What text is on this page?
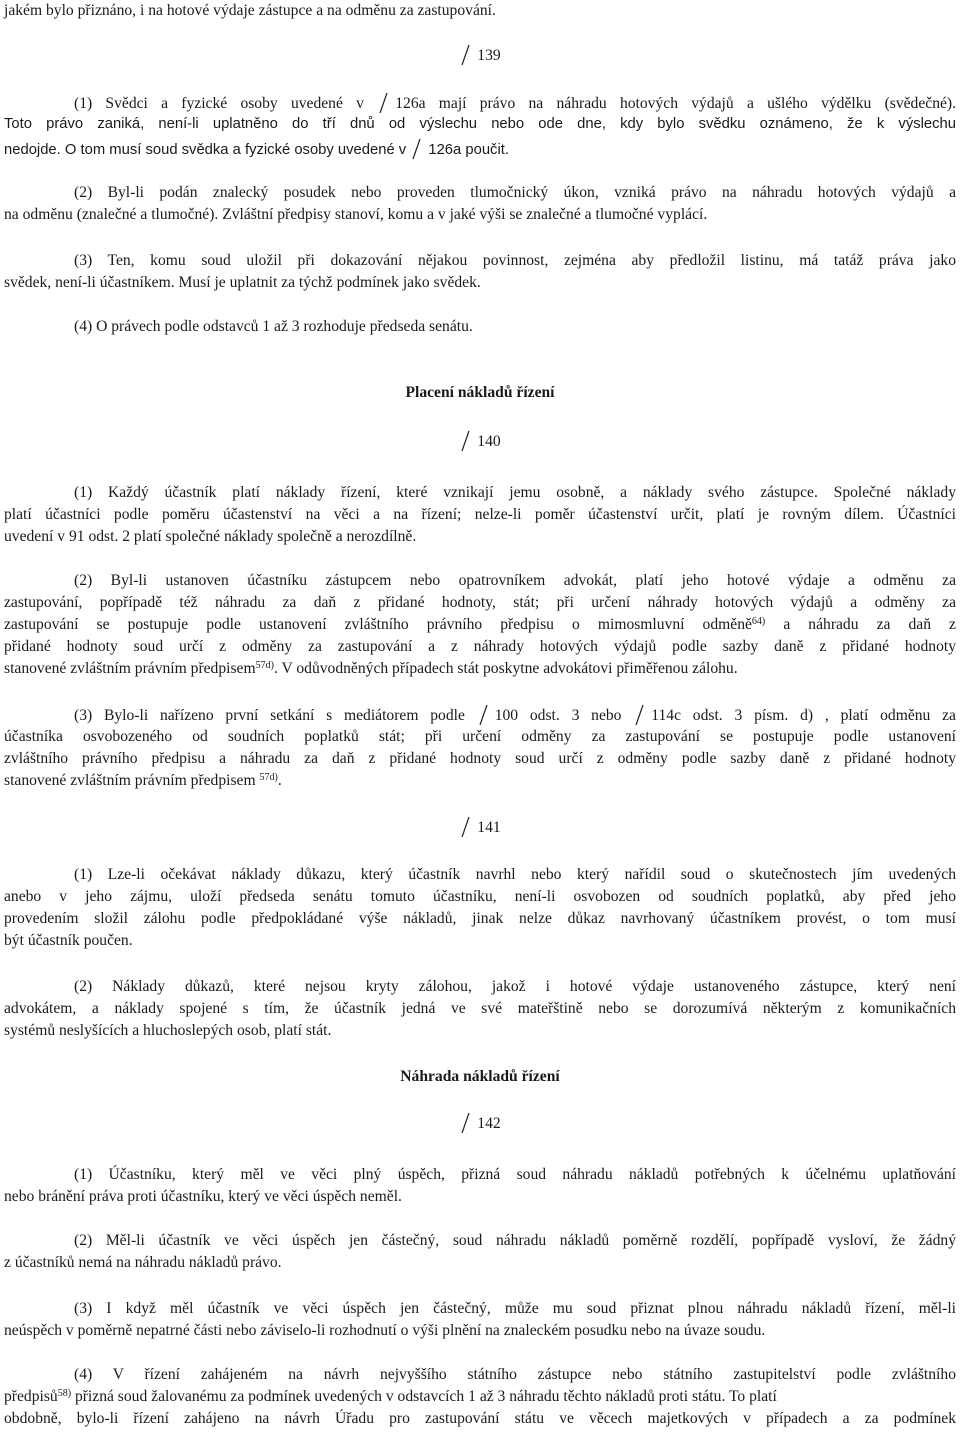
jakém bylo přiznáno, i na hotové výdaje zástupce a na odměnu za zastupování.
139
(1) Svědci a fyzické osoby uvedené v 126a mají právo na náhradu hotových výdajů a ušlého výdělku (svědečné).
Toto právo zaniká, není-li uplatněno do tří dnů od výslechu nebo ode dne, kdy bylo svědku oznámeno, že k výslechu
nedojde. O tom musí soud svědka a fyzické osoby uvedené v 126a poučit.
(2) Byl-li podán znalecký posudek nebo proveden tlumočnický úkon, vzniká právo na náhradu hotových výdajů a
na odměnu (znalečné a tlumočné). Zvláštní předpisy stanoví, komu a v jaké výši se znalečné a tlumočné vyplácí.
(3) Ten, komu soud uložil při dokazování nějakou povinnost, zejména aby předložil listinu, má tatáž práva jako
svědek, není-li účastníkem. Musí je uplatnit za týchž podmínek jako svědek.
(4) O právech podle odstavců 1 až 3 rozhoduje předseda senátu.
Placení nákladů řízení
140
(1) Každý účastník platí náklady řízení, které vznikají jemu osobně, a náklady svého zástupce. Společné náklady
platí účastníci podle poměru účastenství na věci a na řízení; nelze-li poměr účastenství určit, platí je rovným dílem. Účastníci
uvedení v 91 odst. 2 platí společné náklady společně a nerozdílně.
(2) Byl-li ustanoven účastníku zástupcem nebo opatrovníkem advokát, platí jeho hotové výdaje a odměnu za
zastupování, popřípadě též náhradu za daň z přidané hodnoty, stát; při určení náhrady hotových výdajů a odměny za
zastupování se postupuje podle ustanovení zvláštního právního předpisu o mimosmluvní odměně$^{64)}$ a náhradu za daň z
přidané hodnoty soud určí z odměny za zastupování a z náhrady hotových výdajů podle sazby daně z přidané hodnoty
stanovené zvláštním právním předpisem$^{57d)}$. V odůvodněných případech stát poskytne advokátovi přiměřenou zálohu.
(3) Bylo-li nařízeno první setkání s mediátorem podle 100 odst. 3 nebo 114c odst. 3 písm. d) , platí odměnu za
účastníka osvobozeného od soudních poplatků stát; při určení odměny za zastupování se postupuje podle ustanovení
zvláštního právního předpisu a náhradu za daň z přidané hodnoty soud určí z odměny podle sazby daně z přidané hodnoty
stanovené zvláštním právním předpisem $^{57d)}$.
141
(1) Lze-li očekávat náklady důkazu, který účastník navrhl nebo který nařídil soud o skutečnostech jím uvedených
anebo v jeho zájmu, uloží předseda senátu tomuto účastníku, není-li osvobozen od soudních poplatků, aby před jeho
provedením složil zálohu podle předpokládané výše nákladů, jinak nelze důkaz navrhovaný účastníkem provést, o tom musí
být účastník poučen.
(2) Náklady důkazů, které nejsou kryty zálohou, jakož i hotové výdaje ustanoveného zástupce, který není
advokátem, a náklady spojené s tím, že účastník jedná ve své mateřštině nebo se dorozumívá některým z komunikačních
systémů neslyšících a hluchoslepých osob, platí stát.
Náhrada nákladů řízení
142
(1) Účastníku, který měl ve věci plný úspěch, přizná soud náhradu nákladů potřebných k účelnému uplatňování
nebo bránění práva proti účastníku, který ve věci úspěch neměl.
(2) Měl-li účastník ve věci úspěch jen částečný, soud náhradu nákladů poměrně rozdělí, popřípadě vysloví, že žádný
z účastníků nemá na náhradu nákladů právo.
(3) I když měl účastník ve věci úspěch jen částečný, může mu soud přiznat plnou náhradu nákladů řízení, měl-li
neúspěch v poměrně nepatrné části nebo záviselo-li rozhodnutí o výši plnění na znaleckém posudku nebo na úvaze soudu.
(4) V řízení zahájeném na návrh nejvyššího státního zástupce nebo státního zastupitelství podle zvláštního
předpisů$^{58)}$ přizná soud žalovanému za podmínek uvedených v odstavcích 1 až 3 náhradu těchto nákladů proti státu. To platí
obdobně, bylo-li řízení zahájeno na návrh Úřadu pro zastupování státu ve věcech majetkových v případech a za podmínek
